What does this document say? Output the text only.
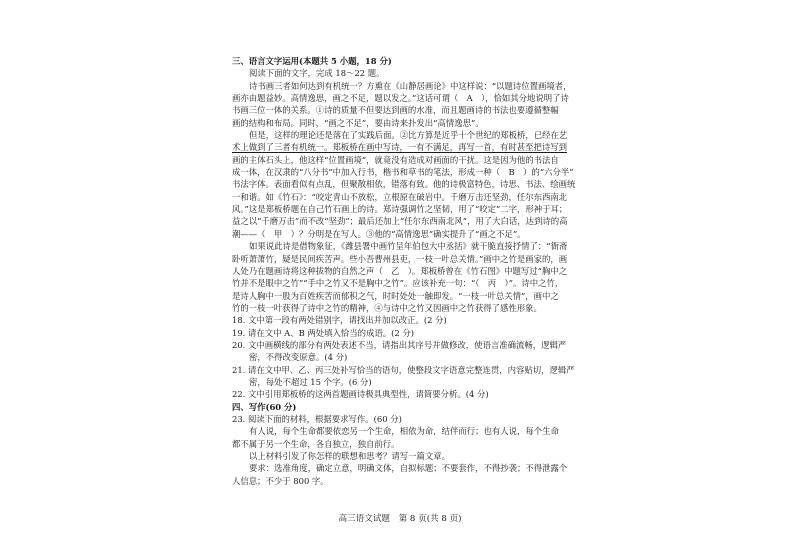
三、语言文字运用(本题共 5 小题，18 分)
阅读下面的文字，完成 18～22 题。
诗书画三者如何达到有机统一？方熏在《山静居画论》中这样说：“以题诗位置画境者，
画亦由题益妙。高情逸思，画之不足，题以发之。”这话可谓（　A　），恰如其分地说明了诗
书画三位一体的关系。①诗的质量不但要达到画的水准，而且题画诗的书法也要遵循整幅
画的结构和布局。同时，“画之不足”，要由诗来扑发出“高情逸思”。
但是，这样的理论还是落在了实践后面。②比方算是近乎十个世纪的郑板桥，已经在艺
术上做到了三者有机统一。郑板桥在画中写诗，一有不满足，再写一首，有时甚至把诗写到
画的主体石头上，他这样“位置画境”，就竟没有造成对画面的干扰。这是因为他的书法自
成一体，在汉隶的“八分书”中加入行书，楷书和草书的笔法，形成一种（　B　）的“六分半”
书法字体。表面看似有点乱，但聚散相依，错落有致。他的诗极富特色，诗思、书法、绘画统
一和谐。如《竹石》：“咬定青山不放松，立根原在破岩中。千磨万击还坚劲，任尔东西南北
风。”这是郑板桥题在自己竹石画上的诗。郑诗强调竹之坚韧，用了“咬定”二字，形神于耳；
益之以“千磨万击”而不改“坚劲”；最后还加上“任尔东西南北风”，用了大白话，达到诗的高
潮——（　甲　）？分明是在写人。③他的“高情逸思”确实提升了“画之不足”。
如果说此诗是借物象征，《潍县署中画竹呈年伯包大中丞括》就干脆直接抒情了：“衙斋
卧听萧萧竹，疑是民间疾苦声。些小吾曹州县吏，一枝一叶总关情。”画中之竹是画家的，画
人处乃在题画诗将这种拔物的自然之声（　乙　）。郑板桥曾在《竹石图》中题写过“胸中之
竹并不是眼中之竹”“手中之竹又不是胸中之竹”。应该补充一句：“（　丙　）”。诗中之竹，
是诗人胸中一股为百姓疾苦而郁积之气，时时处处一触即发。“一枝一叶总关情”，画中之
竹的一枝一叶获得了诗中之竹的精神，④与诗中之竹又因画中之竹获得了感性形象。
18. 文中第一段有两处错别字，请找出并加以改正。(2 分)
19. 请在文中 A、B 两处填入恰当的成语。(2 分)
20. 文中画横线的部分有两处表述不当，请指出其序号并做修改，使语言准确流畅，逻辑严
密，不得改变原意。(4 分)
21. 请在文中甲、乙、丙三处补写恰当的语句，使整段文字语意完整连贯，内容贴切，逻辑严
密，每处不超过 15 个字。(6 分)
22. 文中引用郑板桥的这两首题画诗极具典型性，请简要分析。(4 分)
四、写作(60 分)
23. 阅读下面的材料，根据要求写作。(60 分)
有人说，每个生命都要依恋另一个生命，相依为命，结伴而行；也有人说，每个生命
都不属于另一个生命，各自独立，独自前行。
以上材料引发了你怎样的联想和思考？请写一篇文章。
要求：选准角度，确定立意，明确文体，自拟标题；不要套作，不得抄袭；不得泄露个
人信息；不少于 800 字。
高三语文试题　第 8 页(共 8 页)
